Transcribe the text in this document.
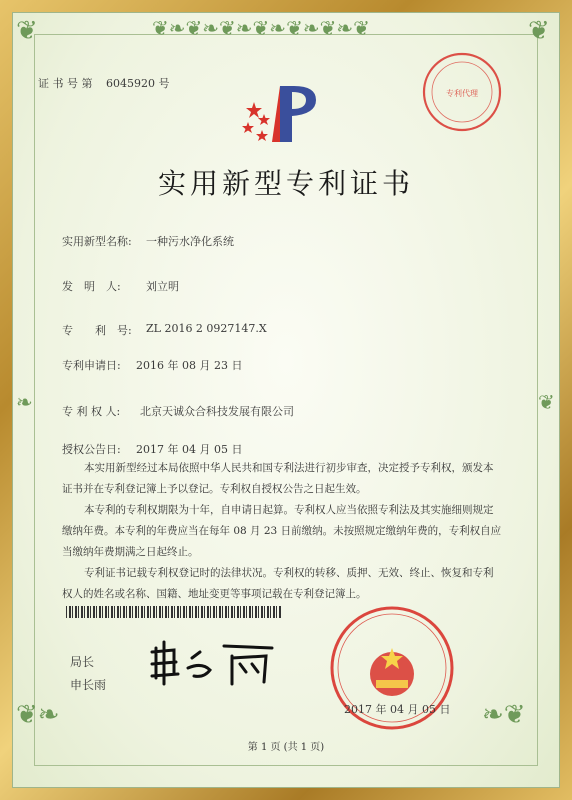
❦❧❦❧❦❧❦❧❦❧❦❧❦
❧	❦
❦❧	❧❦
❦	❦
证 书 号 第 6045920 号
专利代理
实用新型专利证书
实用新型名称: 一种污水净化系统
发　明　人: 刘立明
专　　利　号: ZL 2016 2 0927147.X
专利申请日: 2016 年 08 月 23 日
专 利 权 人: 北京天诚众合科技发展有限公司
授权公告日: 2017 年 04 月 05 日
本实用新型经过本局依照中华人民共和国专利法进行初步审查，决定授予专利权，颁发本证书并在专利登记簿上予以登记。专利权自授权公告之日起生效。
本专利的专利权期限为十年，自申请日起算。专利权人应当依照专利法及其实施细则规定缴纳年费。本专利的年费应当在每年 08 月 23 日前缴纳。未按照规定缴纳年费的，专利权自应当缴纳年费期满之日起终止。
专利证书记载专利权登记时的法律状况。专利权的转移、质押、无效、终止、恢复和专利权人的姓名或名称、国籍、地址变更等事项记载在专利登记簿上。
局长
申长雨
2017 年 04 月 05 日
第 1 页 (共 1 页)
